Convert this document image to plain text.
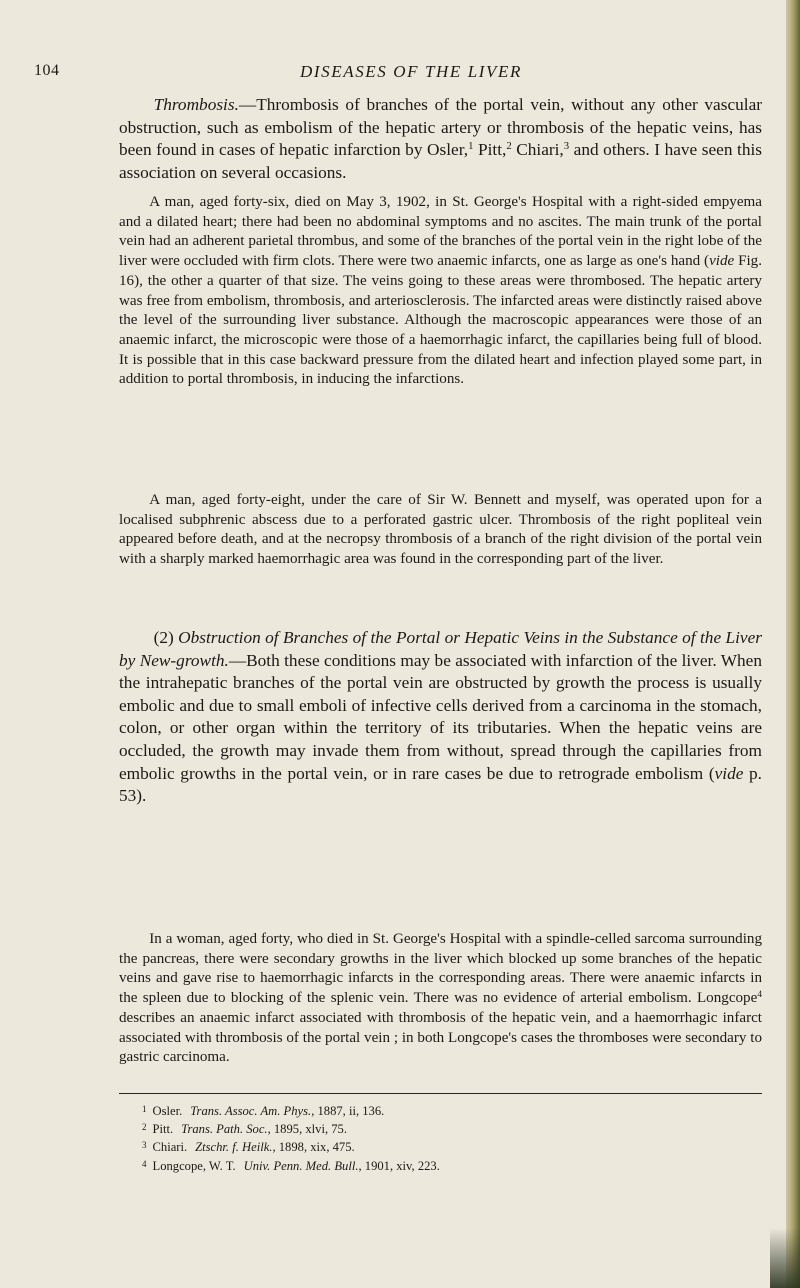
104	DISEASES OF THE LIVER

Thrombosis.—Thrombosis of branches of the portal vein, without any other vascular obstruction, such as embolism of the hepatic artery or thrombosis of the hepatic veins, has been found in cases of hepatic infarction by Osler,$^1$ Pitt,$^2$ Chiari,$^3$ and others. I have seen this association on several occasions.

A man, aged forty-six, died on May 3, 1902, in St. George's Hospital with a right-sided empyema and a dilated heart; there had been no abdominal symptoms and no ascites. The main trunk of the portal vein had an adherent parietal thrombus, and some of the branches of the portal vein in the right lobe of the liver were occluded with firm clots. There were two anaemic infarcts, one as large as one's hand (vide Fig. 16), the other a quarter of that size. The veins going to these areas were thrombosed. The hepatic artery was free from embolism, thrombosis, and arteriosclerosis. The infarcted areas were distinctly raised above the level of the surrounding liver substance. Although the macroscopic appearances were those of an anaemic infarct, the microscopic were those of a haemorrhagic infarct, the capillaries being full of blood. It is possible that in this case backward pressure from the dilated heart and infection played some part, in addition to portal thrombosis, in inducing the infarctions.

A man, aged forty-eight, under the care of Sir W. Bennett and myself, was operated upon for a localised subphrenic abscess due to a perforated gastric ulcer. Thrombosis of the right popliteal vein appeared before death, and at the necropsy thrombosis of a branch of the right division of the portal vein with a sharply marked haemorrhagic area was found in the corresponding part of the liver.

(2) Obstruction of Branches of the Portal or Hepatic Veins in the Substance of the Liver by New-growth.—Both these conditions may be associated with infarction of the liver. When the intrahepatic branches of the portal vein are obstructed by growth the process is usually embolic and due to small emboli of infective cells derived from a carcinoma in the stomach, colon, or other organ within the territory of its tributaries. When the hepatic veins are occluded, the growth may invade them from without, spread through the capillaries from embolic growths in the portal vein, or in rare cases be due to retrograde embolism (vide p. 53).

In a woman, aged forty, who died in St. George's Hospital with a spindle-celled sarcoma surrounding the pancreas, there were secondary growths in the liver which blocked up some branches of the hepatic veins and gave rise to haemorrhagic infarcts in the corresponding areas. There were anaemic infarcts in the spleen due to blocking of the splenic vein. There was no evidence of arterial embolism. Longcope$^4$ describes an anaemic infarct associated with thrombosis of the hepatic vein, and a haemorrhagic infarct associated with thrombosis of the portal vein ; in both Longcope's cases the thromboses were secondary to gastric carcinoma.

$^1$ Osler. Trans. Assoc. Am. Phys., 1887, ii, 136.
$^2$ Pitt. Trans. Path. Soc., 1895, xlvi, 75.
$^3$ Chiari. Ztschr. f. Heilk., 1898, xix, 475.
$^4$ Longcope, W. T. Univ. Penn. Med. Bull., 1901, xiv, 223.
